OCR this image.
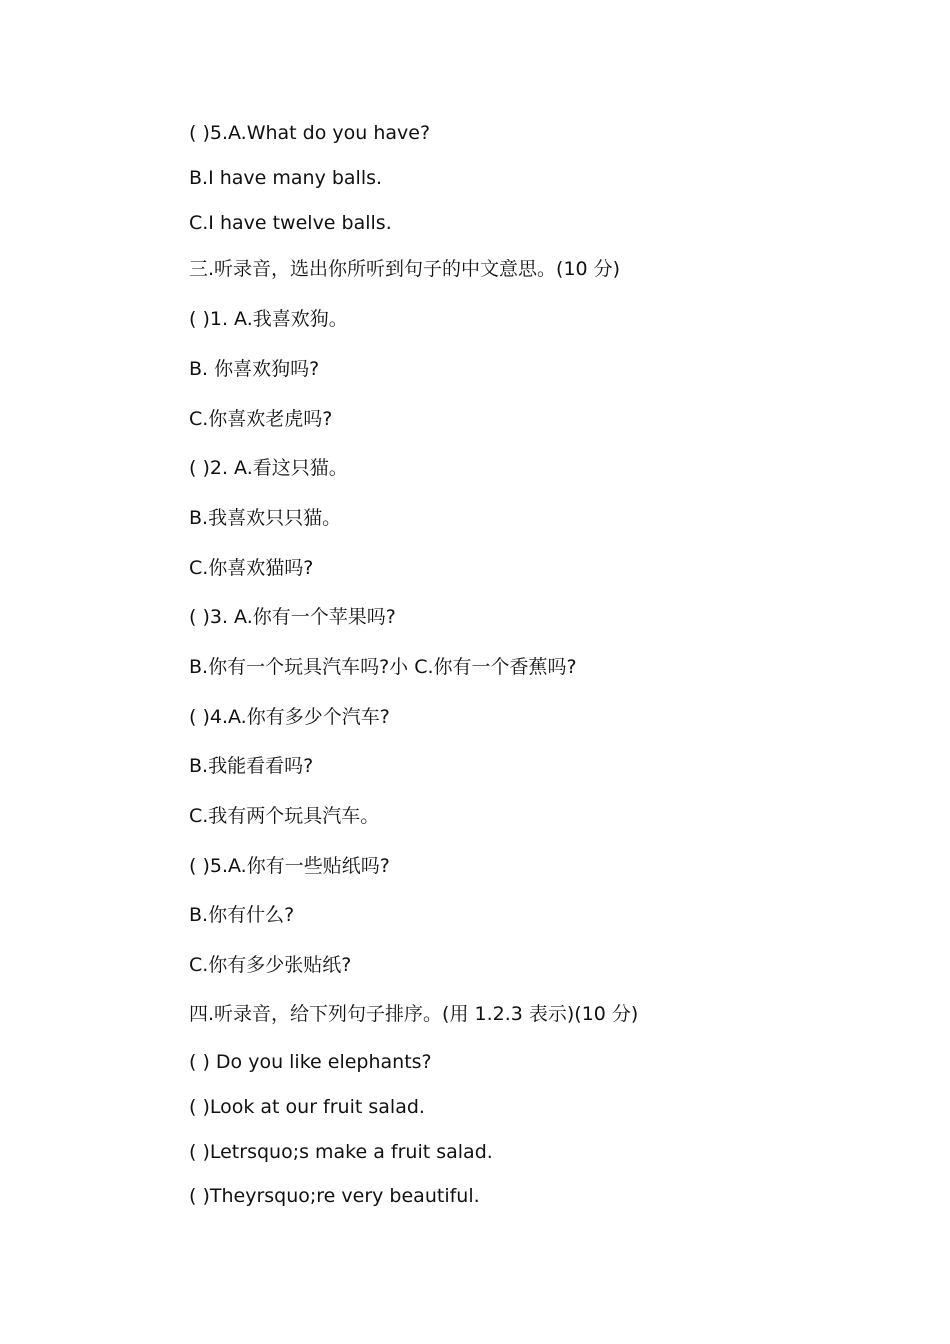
( )5.A.What do you have?

B.I have many balls.

C.I have twelve balls.

三.听录音，选出你所听到句子的中文意思。(10 分)

( )1. A.我喜欢狗。

B. 你喜欢狗吗?

C.你喜欢老虎吗?

( )2. A.看这只猫。

B.我喜欢只只猫。

C.你喜欢猫吗?

( )3. A.你有一个苹果吗?

B.你有一个玩具汽车吗?小 C.你有一个香蕉吗?

( )4.A.你有多少个汽车?

B.我能看看吗?

C.我有两个玩具汽车。

( )5.A.你有一些贴纸吗?

B.你有什么?

C.你有多少张贴纸?

四.听录音，给下列句子排序。(用 1.2.3 表示)(10 分)

( ) Do you like elephants?

( )Look at our fruit salad.

( )Letrsquo;s make a fruit salad.

( )Theyrsquo;re very beautiful.
